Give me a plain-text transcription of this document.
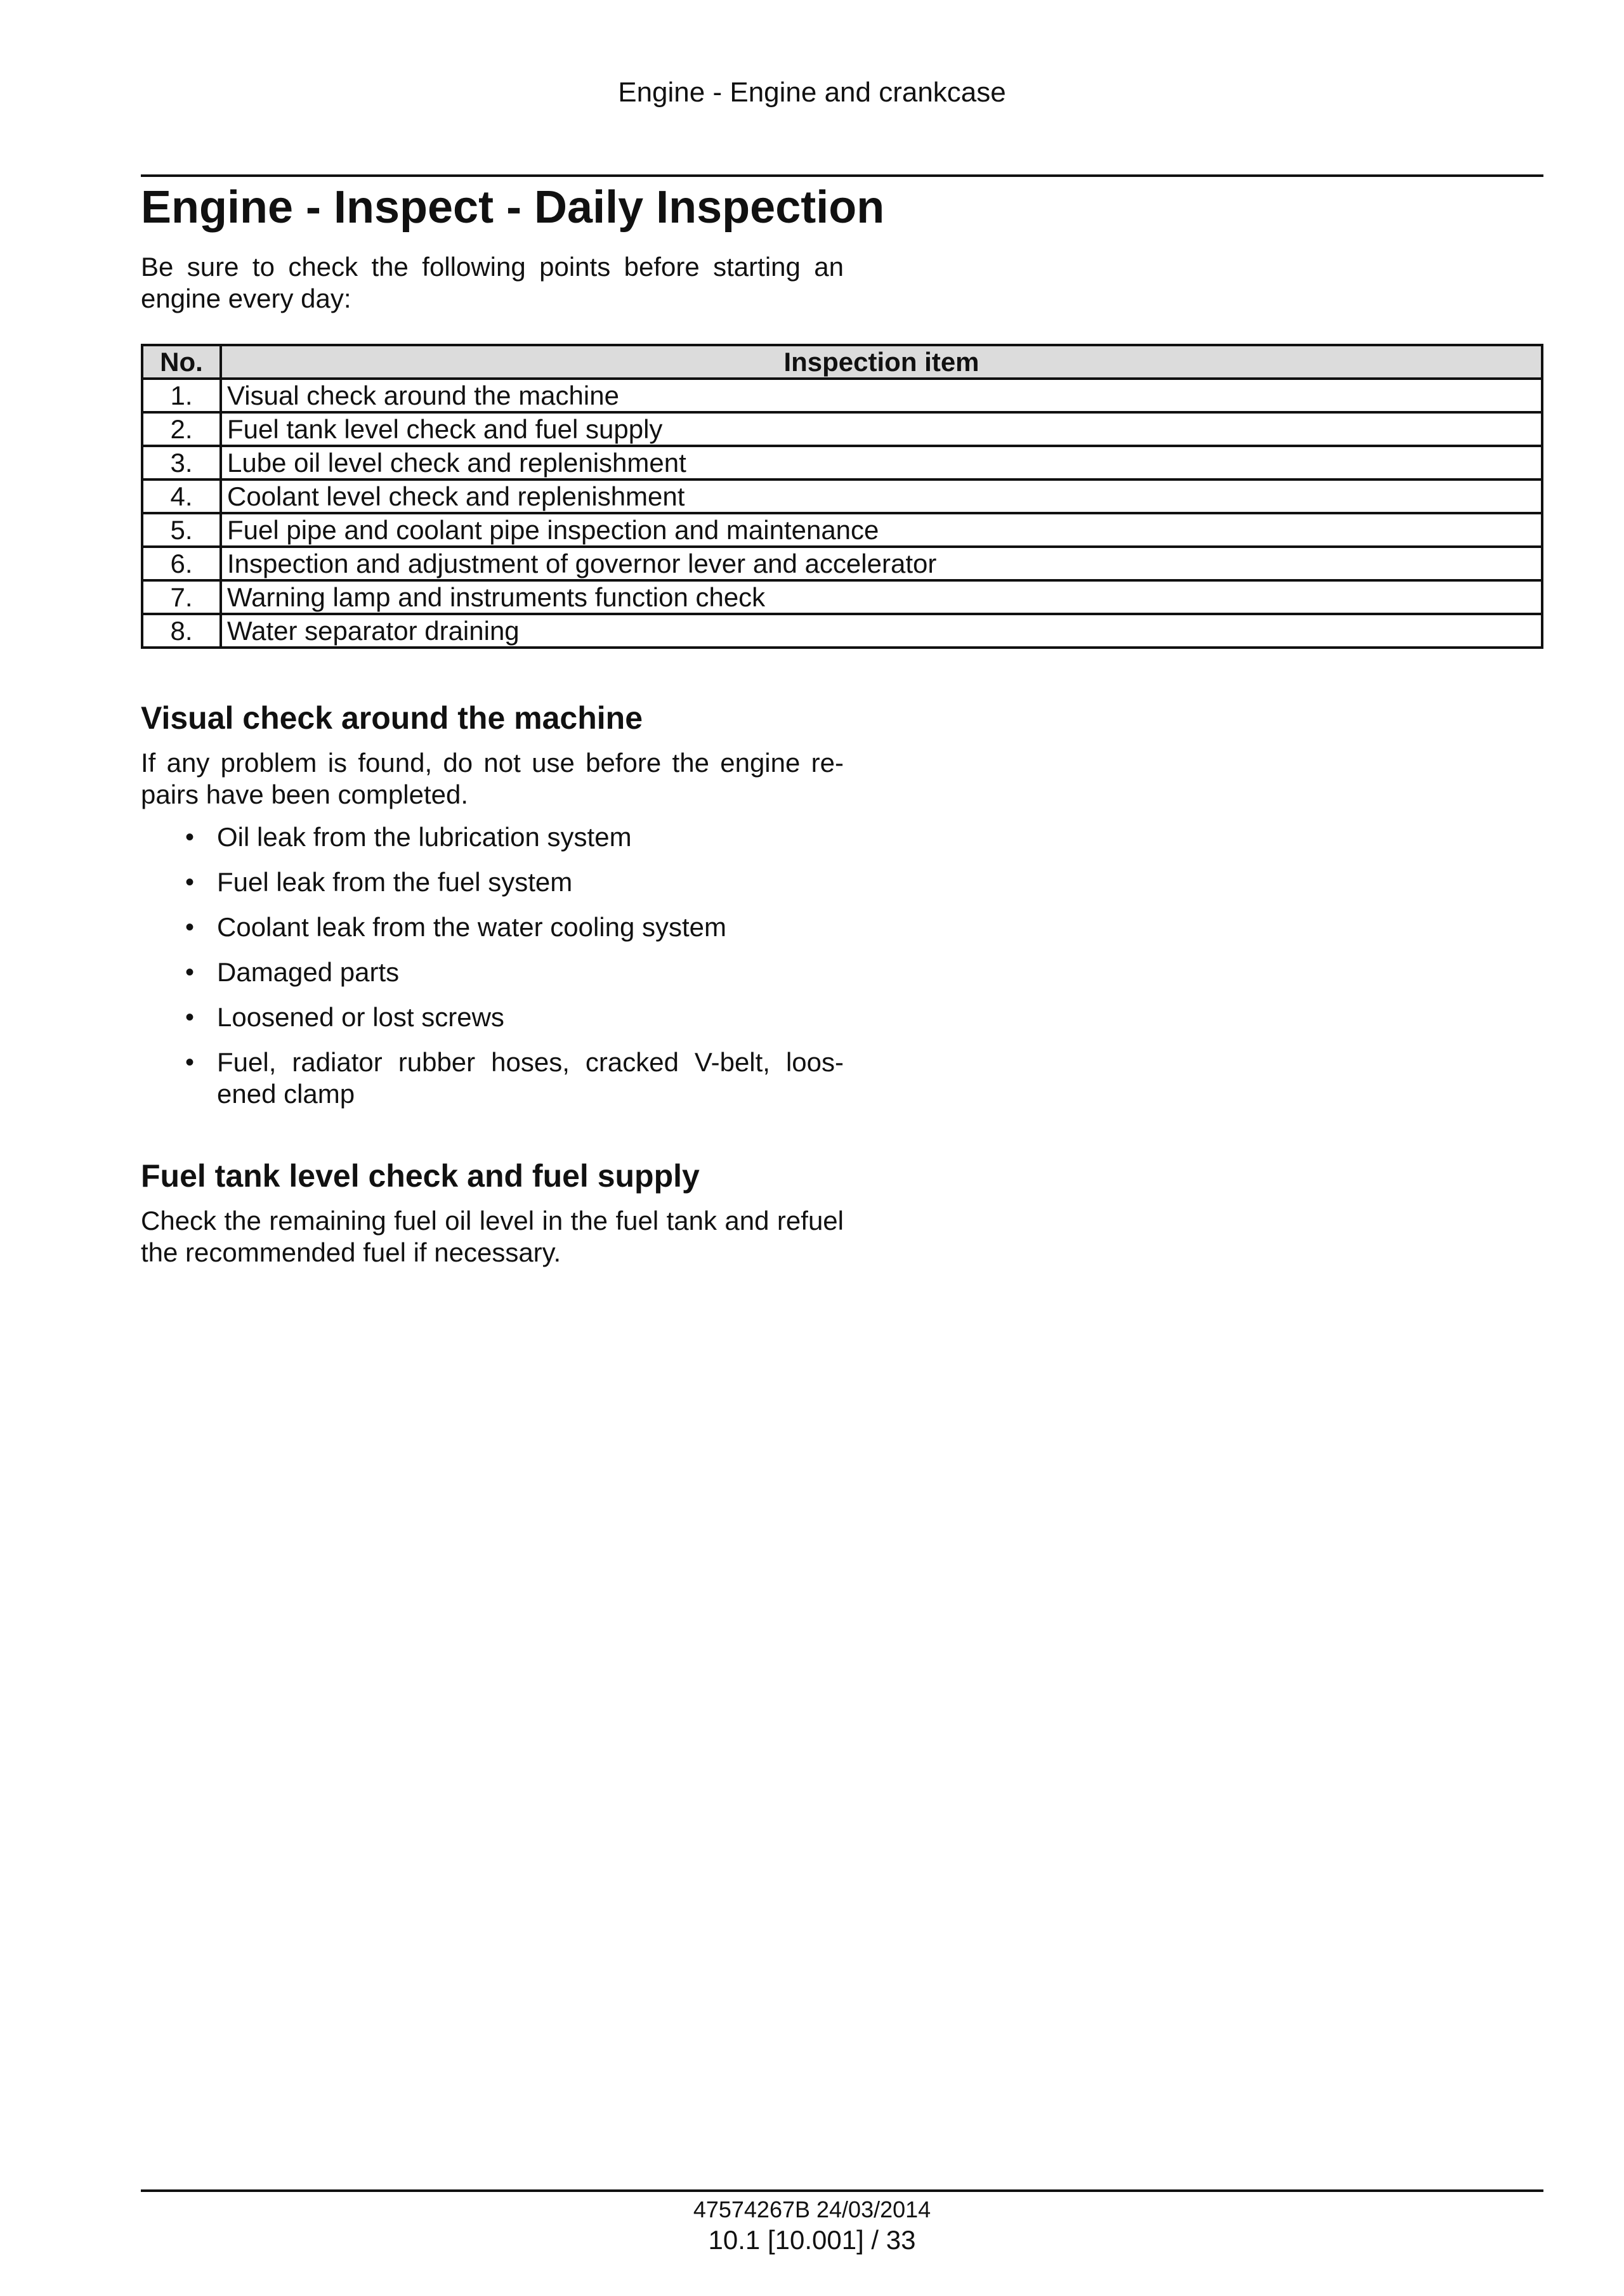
Engine - Engine and crankcase
Engine - Inspect - Daily Inspection

Be sure to check the following points before starting an engine every day:

No.	Inspection item
1.	Visual check around the machine
2.	Fuel tank level check and fuel supply
3.	Lube oil level check and replenishment
4.	Coolant level check and replenishment
5.	Fuel pipe and coolant pipe inspection and maintenance
6.	Inspection and adjustment of governor lever and accelerator
7.	Warning lamp and instruments function check
8.	Water separator draining
Visual check around the machine

If any problem is found, do not use before the engine re-pairs have been completed.

• Oil leak from the lubrication system
• Fuel leak from the fuel system
• Coolant leak from the water cooling system
• Damaged parts
• Loosened or lost screws
• Fuel, radiator rubber hoses, cracked V-belt, loos-ened clamp
Fuel tank level check and fuel supply

Check the remaining fuel oil level in the fuel tank and refuel the recommended fuel if necessary.

47574267B 24/03/2014
10.1 [10.001] / 33
